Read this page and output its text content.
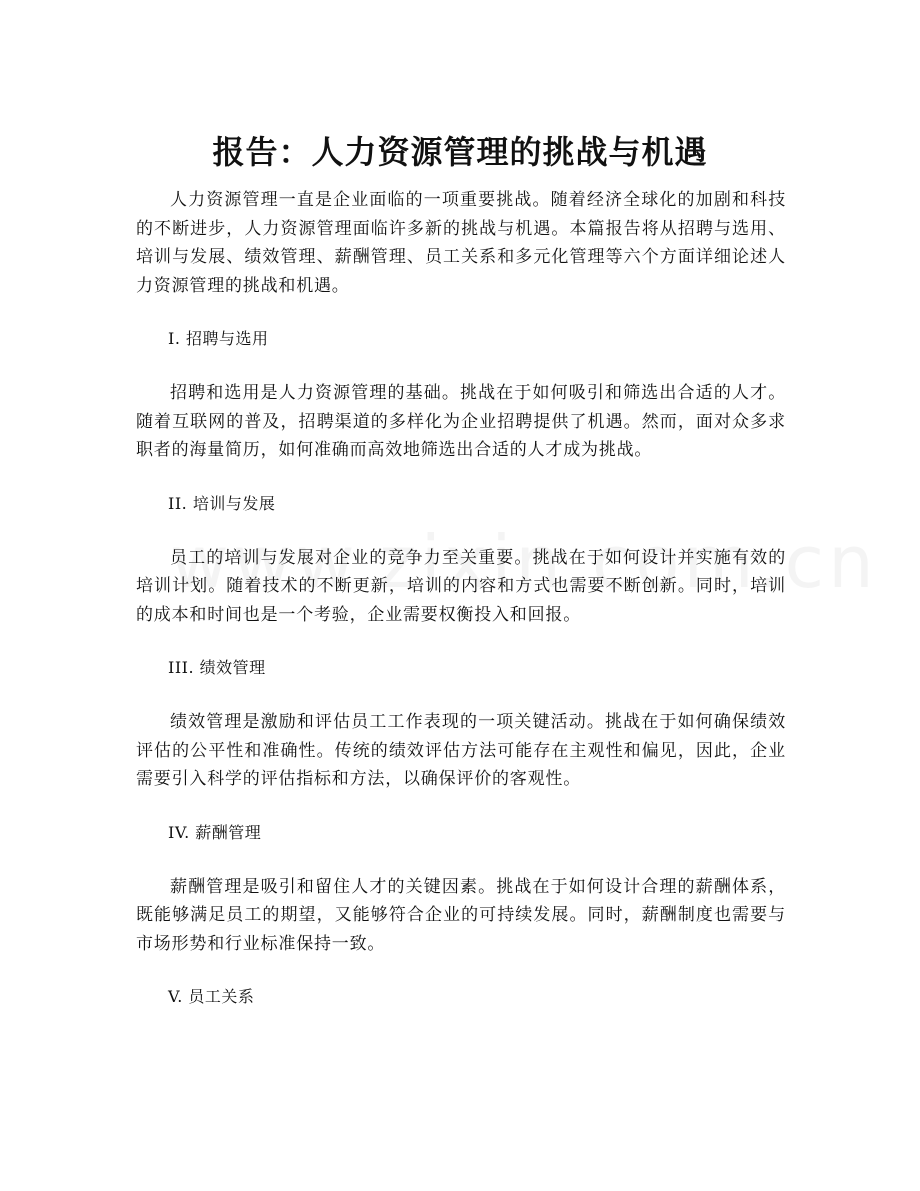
报告：人力资源管理的挑战与机遇

人力资源管理一直是企业面临的一项重要挑战。随着经济全球化的加剧和科技的不断进步，人力资源管理面临许多新的挑战与机遇。本篇报告将从招聘与选用、培训与发展、绩效管理、薪酬管理、员工关系和多元化管理等六个方面详细论述人力资源管理的挑战和机遇。

I. 招聘与选用

招聘和选用是人力资源管理的基础。挑战在于如何吸引和筛选出合适的人才。随着互联网的普及，招聘渠道的多样化为企业招聘提供了机遇。然而，面对众多求职者的海量简历，如何准确而高效地筛选出合适的人才成为挑战。

II. 培训与发展

员工的培训与发展对企业的竞争力至关重要。挑战在于如何设计并实施有效的培训计划。随着技术的不断更新，培训的内容和方式也需要不断创新。同时，培训的成本和时间也是一个考验，企业需要权衡投入和回报。

III. 绩效管理

绩效管理是激励和评估员工工作表现的一项关键活动。挑战在于如何确保绩效评估的公平性和准确性。传统的绩效评估方法可能存在主观性和偏见，因此，企业需要引入科学的评估指标和方法，以确保评价的客观性。

IV. 薪酬管理

薪酬管理是吸引和留住人才的关键因素。挑战在于如何设计合理的薪酬体系，既能够满足员工的期望，又能够符合企业的可持续发展。同时，薪酬制度也需要与市场形势和行业标准保持一致。

V. 员工关系
